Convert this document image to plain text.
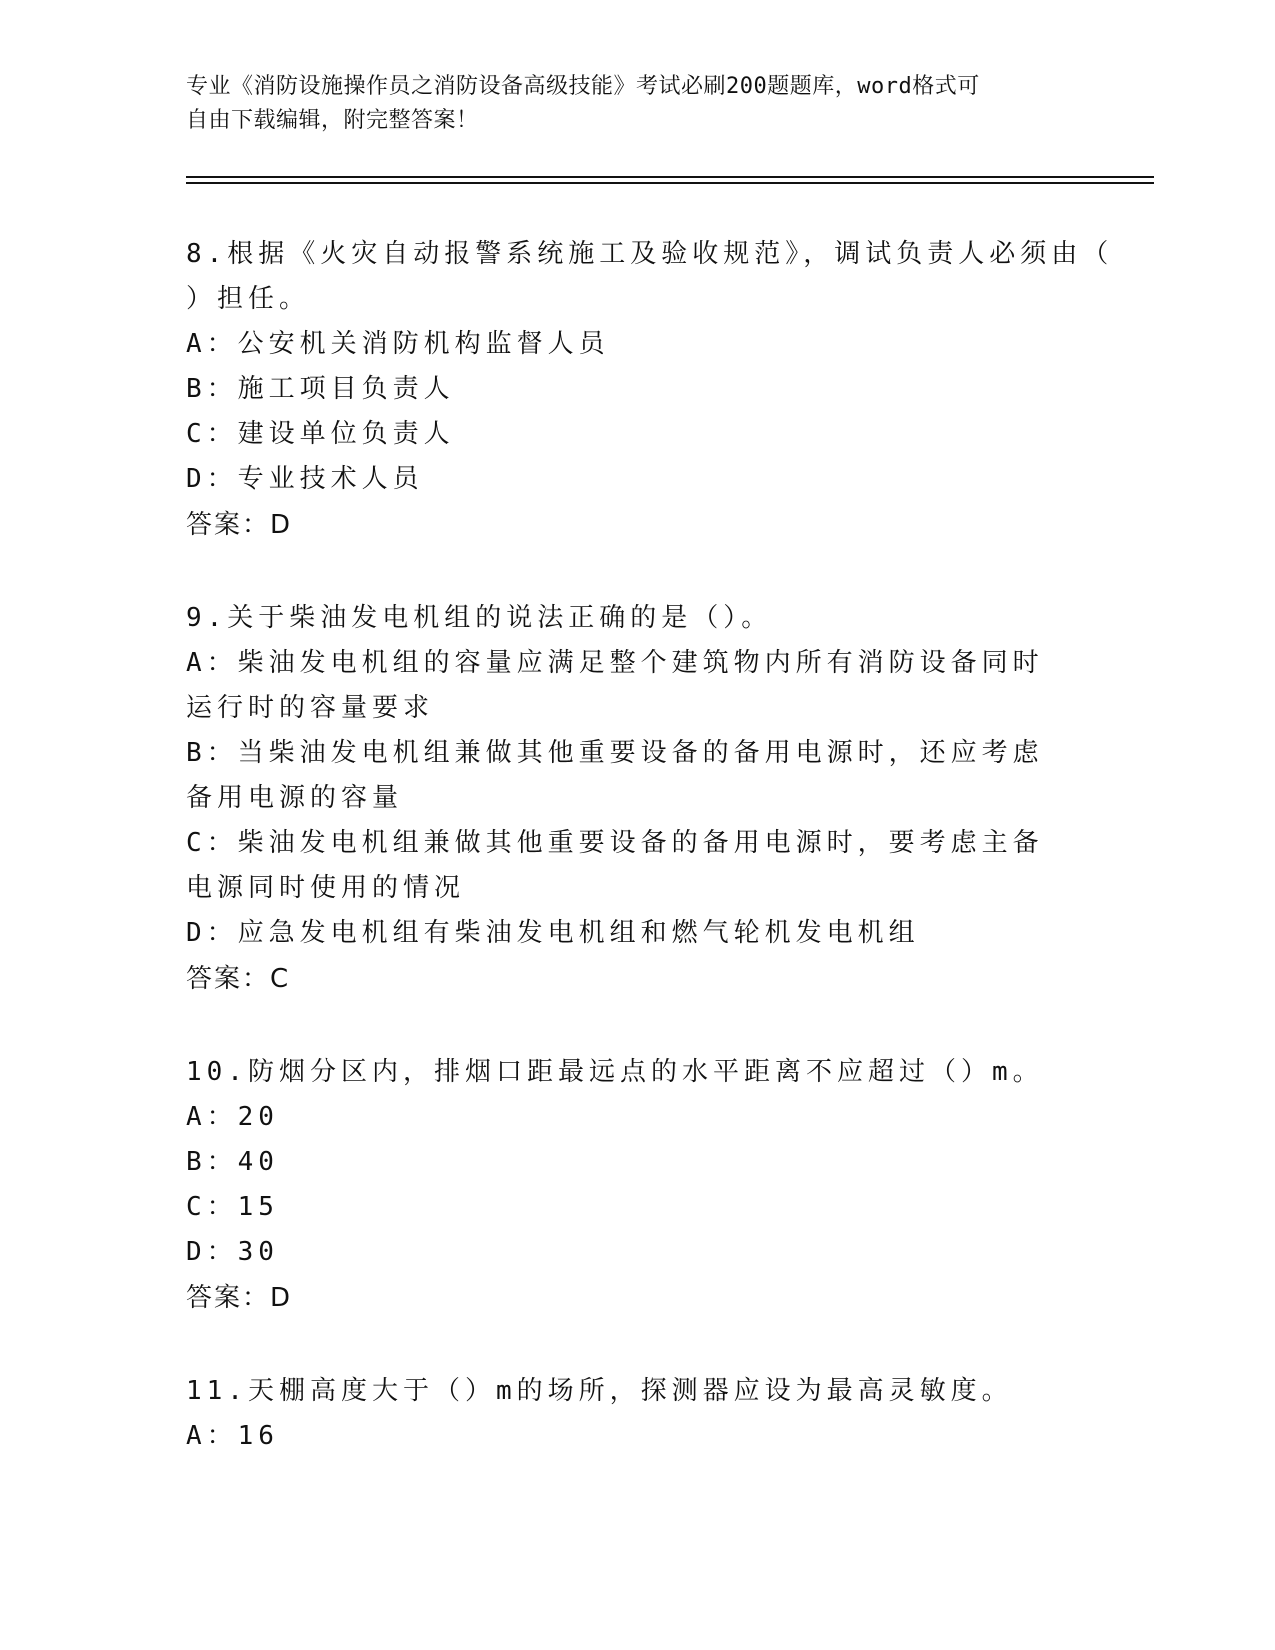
专业《消防设施操作员之消防设备高级技能》考试必刷200题题库，word格式可
自由下载编辑，附完整答案！
8.根据《火灾自动报警系统施工及验收规范》，调试负责人必须由（
）担任。
A：公安机关消防机构监督人员
B：施工项目负责人
C：建设单位负责人
D：专业技术人员
答案：D
9.关于柴油发电机组的说法正确的是（）。
A：柴油发电机组的容量应满足整个建筑物内所有消防设备同时运行时的容量要求
B：当柴油发电机组兼做其他重要设备的备用电源时，还应考虑备用电源的容量
C：柴油发电机组兼做其他重要设备的备用电源时，要考虑主备电源同时使用的情况
D：应急发电机组有柴油发电机组和燃气轮机发电机组
答案：C
10.防烟分区内，排烟口距最远点的水平距离不应超过（）m。
A：20
B：40
C：15
D：30
答案：D
11.天棚高度大于（）m的场所，探测器应设为最高灵敏度。
A：16
